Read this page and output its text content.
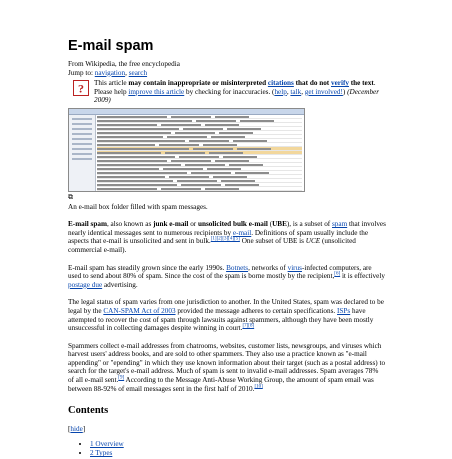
E-mail spam
From Wikipedia, the free encyclopedia
Jump to: navigation, search
? This article may contain inappropriate or misinterpreted citations that do not verify the text. Please help improve this article by checking for inaccuracies. (help, talk, get involved!) (December 2009)
⧉
An e-mail box folder filled with spam messages.

E-mail spam, also known as junk e-mail or unsolicited bulk e-mail (UBE), is a subset of spam that involves nearly identical messages sent to numerous recipients by e-mail. Definitions of spam usually include the aspects that e-mail is unsolicited and sent in bulk.[1][2][3][4][5] One subset of UBE is UCE (unsolicited commercial e-mail).

E-mail spam has steadily grown since the early 1990s. Botnets, networks of virus-infected computers, are used to send about 80% of spam. Since the cost of the spam is borne mostly by the recipient,[6] it is effectively postage due advertising.

The legal status of spam varies from one jurisdiction to another. In the United States, spam was declared to be legal by the CAN-SPAM Act of 2003 provided the message adheres to certain specifications. ISPs have attempted to recover the cost of spam through lawsuits against spammers, although they have been mostly unsuccessful in collecting damages despite winning in court.[7][8]

Spammers collect e-mail addresses from chatrooms, websites, customer lists, newsgroups, and viruses which harvest users' address books, and are sold to other spammers. They also use a practice known as "e-mail appending" or "epending" in which they use known information about their target (such as a postal address) to search for the target's e-mail address. Much of spam is sent to invalid e-mail addresses. Spam averages 78% of all e-mail sent.[9] According to the Message Anti-Abuse Working Group, the amount of spam email was between 88-92% of email messages sent in the first half of 2010.[10]

Contents
[hide]
• 1 Overview
• 2 Types
